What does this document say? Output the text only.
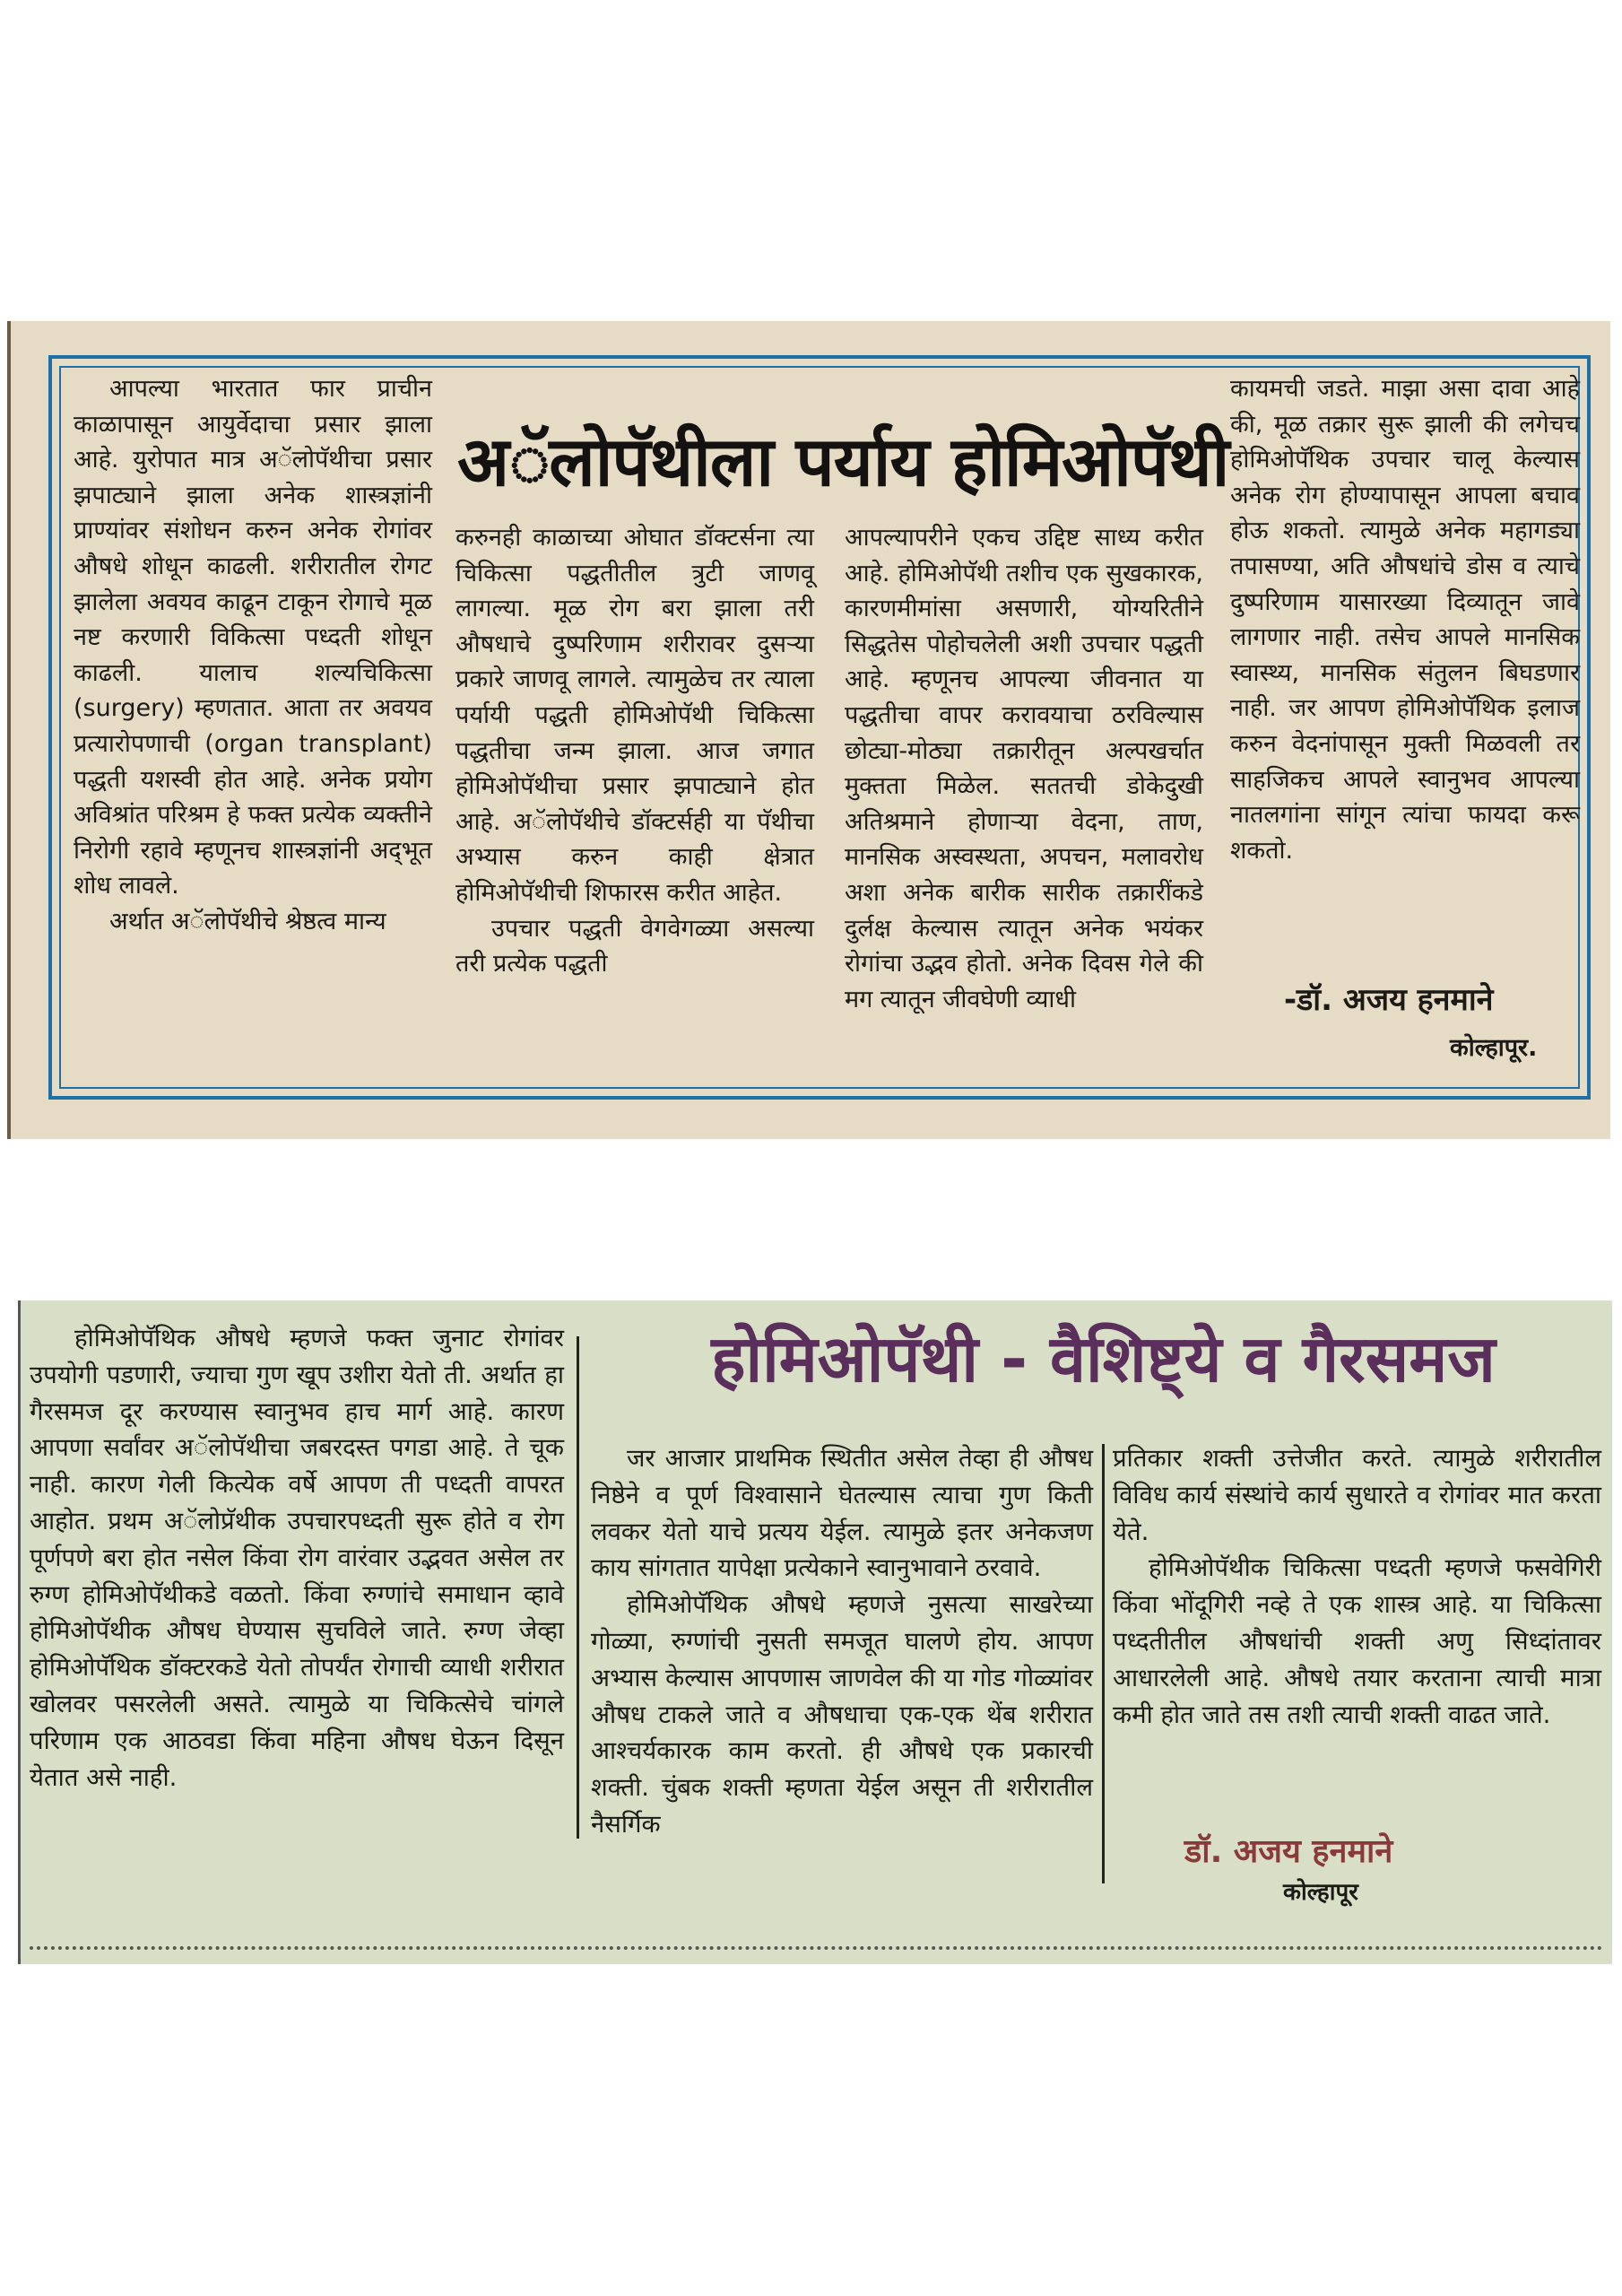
आपल्या भारतात फार प्राचीन काळापासून आयुर्वेदाचा प्रसार झाला आहे. युरोपात मात्र अॅलोपॅथीचा प्रसार झपाट्याने झाला अनेक शास्त्रज्ञांनी प्राण्यांवर संशोधन करुन अनेक रोगांवर औषधे शोधून काढली. शरीरातील रोगट झालेला अवयव काढून टाकून रोगाचे मूळ नष्ट करणारी विकित्सा पध्दती शोधून काढली. यालाच शल्यचिकित्सा (surgery) म्हणतात. आता तर अवयव प्रत्यारोपणाची (organ transplant) पद्धती यशस्वी होत आहे. अनेक प्रयोग अविश्रांत परिश्रम हे फक्त प्रत्येक व्यक्तीने निरोगी रहावे म्हणूनच शास्त्रज्ञांनी अद्‌भूत शोध लावले.

अर्थात अॅलोपॅथीचे श्रेष्ठत्व मान्य

अॅलोपॅथीला पर्याय होमिओपॅथी

करुनही काळाच्या ओघात डॉक्टर्सना त्या चिकित्सा पद्धतीतील त्रुटी जाणवू लागल्या. मूळ रोग बरा झाला तरी औषधाचे दुष्परिणाम शरीरावर दुसऱ्या प्रकारे जाणवू लागले. त्यामुळेच तर त्याला पर्यायी पद्धती होमिओपॅथी चिकित्सा पद्धतीचा जन्म झाला. आज जगात होमिओपॅथीचा प्रसार झपाट्याने होत आहे. अॅलोपॅथीचे डॉक्टर्सही या पॅथीचा अभ्यास करुन काही क्षेत्रात होमिओपॅथीची शिफारस करीत आहेत.

उपचार पद्धती वेगवेगळ्या असल्या तरी प्रत्येक पद्धती

आपल्यापरीने एकच उद्दिष्ट साध्य करीत आहे. होमिओपॅथी तशीच एक सुखकारक, कारणमीमांसा असणारी, योग्यरितीने सिद्धतेस पोहोचलेली अशी उपचार पद्धती आहे. म्हणूनच आपल्या जीवनात या पद्धतीचा वापर करावयाचा ठरविल्यास छोट्या-मोठ्या तक्रारीतून अल्पखर्चात मुक्तता मिळेल. सततची डोकेदुखी अतिश्रमाने होणाऱ्या वेदना, ताण, मानसिक अस्वस्थता, अपचन, मलावरोध अशा अनेक बारीक सारीक तक्रारींकडे दुर्लक्ष केल्यास त्यातून अनेक भयंकर रोगांचा उद्भव होतो. अनेक दिवस गेले की मग त्यातून जीवघेणी व्याधी

कायमची जडते. माझा असा दावा आहे की, मूळ तक्रार सुरू झाली की लगेचच होमिओपॅथिक उपचार चालू केल्यास अनेक रोग होण्यापासून आपला बचाव होऊ शकतो. त्यामुळे अनेक महागड्या तपासण्या, अति औषधांचे डोस व त्याचे दुष्परिणाम यासारख्या दिव्यातून जावे लागणार नाही. तसेच आपले मानसिक स्वास्थ्य, मानसिक संतुलन बिघडणार नाही. जर आपण होमिओपॅथिक इलाज करुन वेदनांपासून मुक्ती मिळवली तर साहजिकच आपले स्वानुभव आपल्या नातलगांना सांगून त्यांचा फायदा करू शकतो.

-डॉ. अजय हनमाने
कोल्हापूर.

होमिओपॅथिक औषधे म्हणजे फक्त जुनाट रोगांवर उपयोगी पडणारी, ज्याचा गुण खूप उशीरा येतो ती. अर्थात हा गैरसमज दूर करण्यास स्वानुभव हाच मार्ग आहे. कारण आपणा सर्वांवर अॅलोपॅथीचा जबरदस्त पगडा आहे. ते चूक नाही. कारण गेली कित्येक वर्षे आपण ती पध्दती वापरत आहोत. प्रथम अॅलोप्रॅथीक उपचारपध्दती सुरू होते व रोग पूर्णपणे बरा होत नसेल किंवा रोग वारंवार उद्भवत असेल तर रुग्ण होमिओपॅथीकडे वळतो. किंवा रुग्णांचे समाधान व्हावे होमिओपॅथीक औषध घेण्यास सुचविले जाते. रुग्ण जेव्हा होमिओपॅथिक डॉक्टरकडे येतो तोपर्यंत रोगाची व्याधी शरीरात खोलवर पसरलेली असते. त्यामुळे या चिकित्सेचे चांगले परिणाम एक आठवडा किंवा महिना औषध घेऊन दिसून येतात असे नाही.

होमिओपॅथी - वैशिष्ट्ये व गैरसमज

जर आजार प्राथमिक स्थितीत असेल तेव्हा ही औषध निष्ठेने व पूर्ण विश्वासाने घेतल्यास त्याचा गुण किती लवकर येतो याचे प्रत्यय येईल. त्यामुळे इतर अनेकजण काय सांगतात यापेक्षा प्रत्येकाने स्वानुभावाने ठरवावे.

होमिओपॅथिक औषधे म्हणजे नुसत्या साखरेच्या गोळ्या, रुग्णांची नुसती समजूत घालणे होय. आपण अभ्यास केल्यास आपणास जाणवेल की या गोड गोळ्यांवर औषध टाकले जाते व औषधाचा एक-एक थेंब शरीरात आश्चर्यकारक काम करतो. ही औषधे एक प्रकारची शक्ती. चुंबक शक्ती म्हणता येईल असून ती शरीरातील नैसर्गिक

प्रतिकार शक्ती उत्तेजीत करते. त्यामुळे शरीरातील विविध कार्य संस्थांचे कार्य सुधारते व रोगांवर मात करता येते.

होमिओपॅथीक चिकित्सा पध्दती म्हणजे फसवेगिरी किंवा भोंदूगिरी नव्हे ते एक शास्त्र आहे. या चिकित्सा पध्दतीतील औषधांची शक्ती अणु सिध्दांतावर आधारलेली आहे. औषधे तयार करताना त्याची मात्रा कमी होत जाते तस तशी त्याची शक्ती वाढत जाते.

डॉ. अजय हनमाने
कोल्हापूर
